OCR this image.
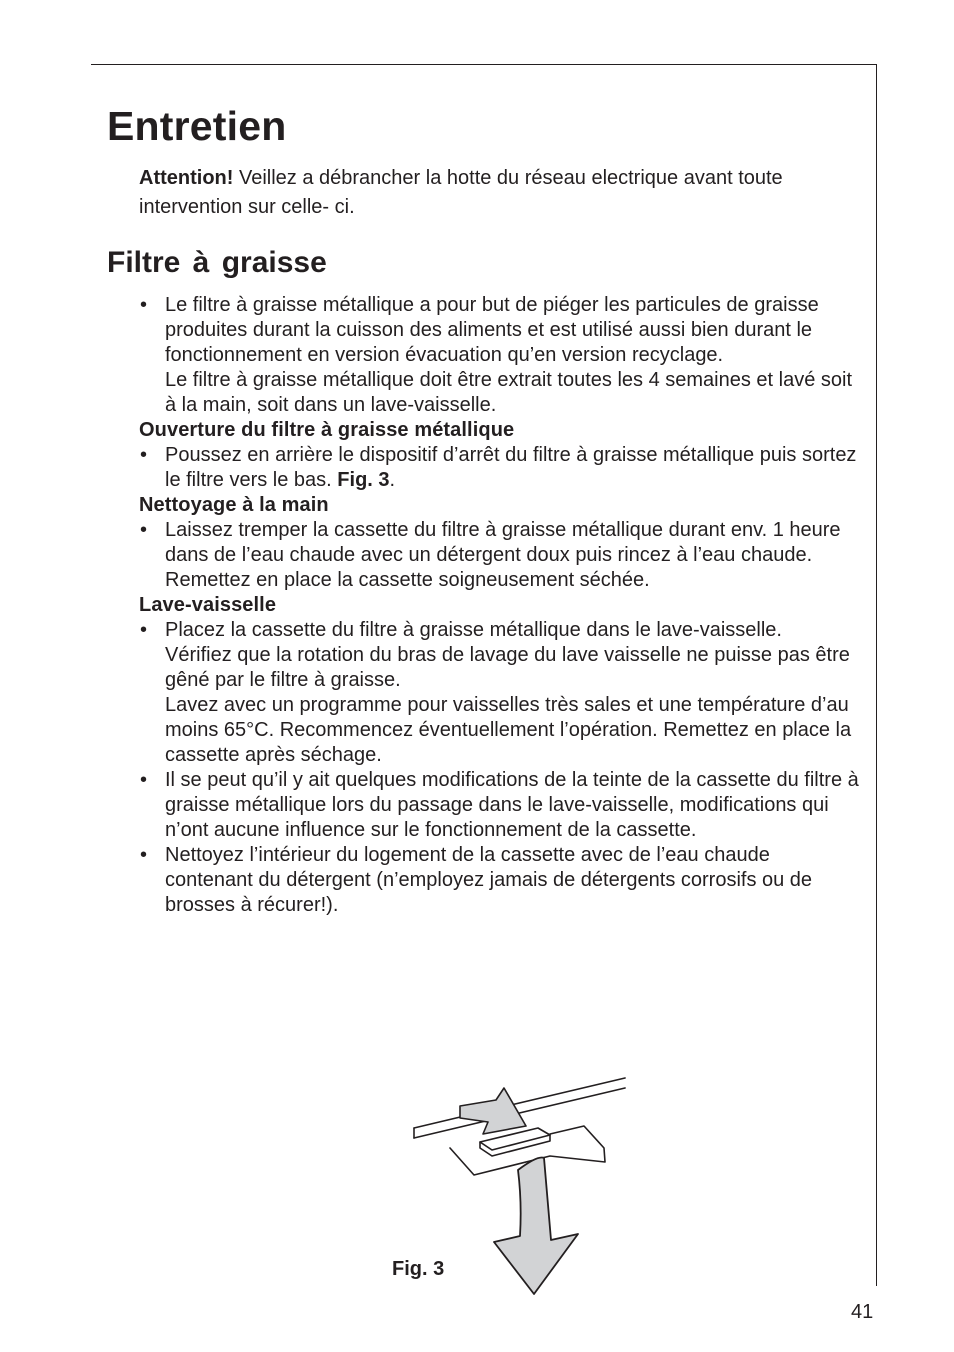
Entretien

Attention! Veillez a débrancher la hotte du réseau electrique avant toute intervention sur celle- ci.

Filtre à graisse
• Le filtre à graisse métallique a pour but de piéger les particules de graisse produites durant la cuisson des aliments et est utilisé aussi bien durant le fonctionnement en version évacuation qu’en version recyclage.

Le filtre à graisse métallique doit être extrait toutes les 4 semaines et lavé soit à la main, soit dans un lave-vaisselle.

Ouverture du filtre à graisse métallique

• Poussez en arrière le dispositif d’arrêt du filtre à graisse métallique puis sortez le filtre vers le bas. Fig. 3.

Nettoyage à la main

• Laissez tremper la cassette du filtre à graisse métallique durant env. 1 heure dans de l’eau chaude avec un détergent doux puis rincez à l’eau chaude. Remettez en place la cassette soigneusement séchée.

Lave-vaisselle

• Placez la cassette du filtre à graisse métallique dans le lave-vaisselle.

Vérifiez que la rotation du bras de lavage du lave vaisselle ne puisse pas être gêné par le filtre à graisse.

Lavez avec un programme pour vaisselles très sales et une température d’au moins 65°C. Recommencez éventuellement l’opération. Remettez en place la cassette après séchage.

• Il se peut qu’il y ait quelques modifications de la teinte de la cassette du filtre à graisse métallique lors du passage dans le lave-vaisselle, modifications qui n’ont aucune influence sur le fonctionnement de la cassette.

• Nettoyez l’intérieur du logement de la cassette avec de l’eau chaude contenant du détergent (n’employez jamais de détergents corrosifs ou de brosses à récurer!).

Fig. 3
41
